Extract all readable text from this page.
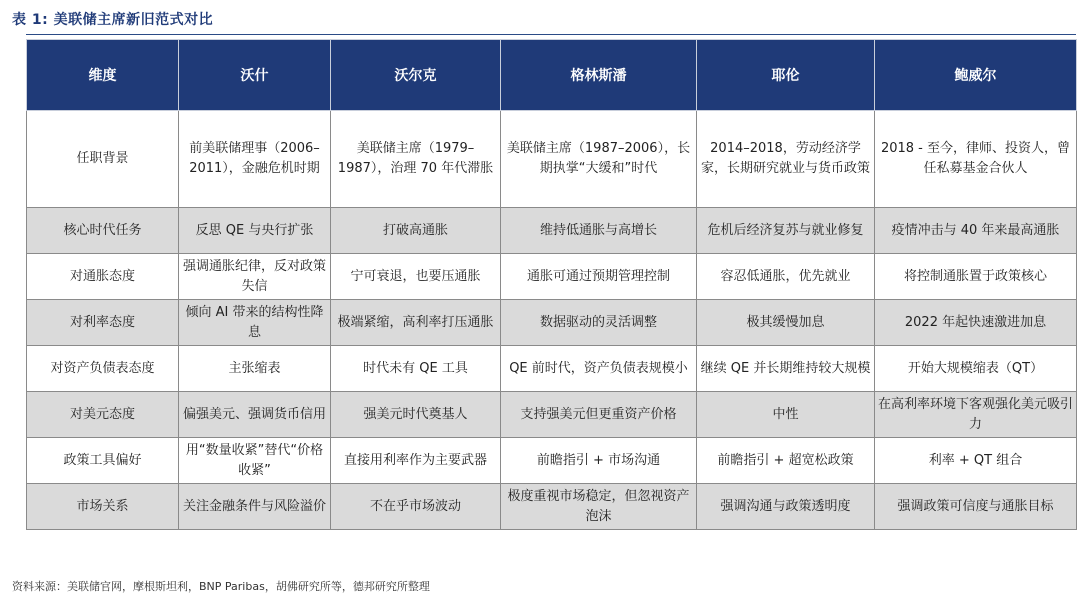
表 1: 美联储主席新旧范式对比
维度	沃什	沃尔克	格林斯潘	耶伦	鲍威尔
任职背景	前美联储理事（2006–2011），金融危机时期	美联储主席（1979–1987），治理 70 年代滞胀	美联储主席（1987–2006），长期执掌“大缓和”时代	2014–2018，劳动经济学家，长期研究就业与货币政策	2018 - 至今，律师、投资人，曾任私募基金合伙人
核心时代任务	反思 QE 与央行扩张	打破高通胀	维持低通胀与高增长	危机后经济复苏与就业修复	疫情冲击与 40 年来最高通胀
对通胀态度	强调通胀纪律，反对政策失信	宁可衰退，也要压通胀	通胀可通过预期管理控制	容忍低通胀，优先就业	将控制通胀置于政策核心
对利率态度	倾向 AI 带来的结构性降息	极端紧缩，高利率打压通胀	数据驱动的灵活调整	极其缓慢加息	2022 年起快速激进加息
对资产负债表态度	主张缩表	时代未有 QE 工具	QE 前时代，资产负债表规模小	继续 QE 并长期维持较大规模	开始大规模缩表（QT）
对美元态度	偏强美元、强调货币信用	强美元时代奠基人	支持强美元但更重资产价格	中性	在高利率环境下客观强化美元吸引力
政策工具偏好	用“数量收紧”替代“价格收紧”	直接用利率作为主要武器	前瞻指引 + 市场沟通	前瞻指引 + 超宽松政策	利率 + QT 组合
市场关系	关注金融条件与风险溢价	不在乎市场波动	极度重视市场稳定，但忽视资产泡沫	强调沟通与政策透明度	强调政策可信度与通胀目标
资料来源：美联储官网，摩根斯坦利，BNP Paribas，胡佛研究所等，德邦研究所整理
